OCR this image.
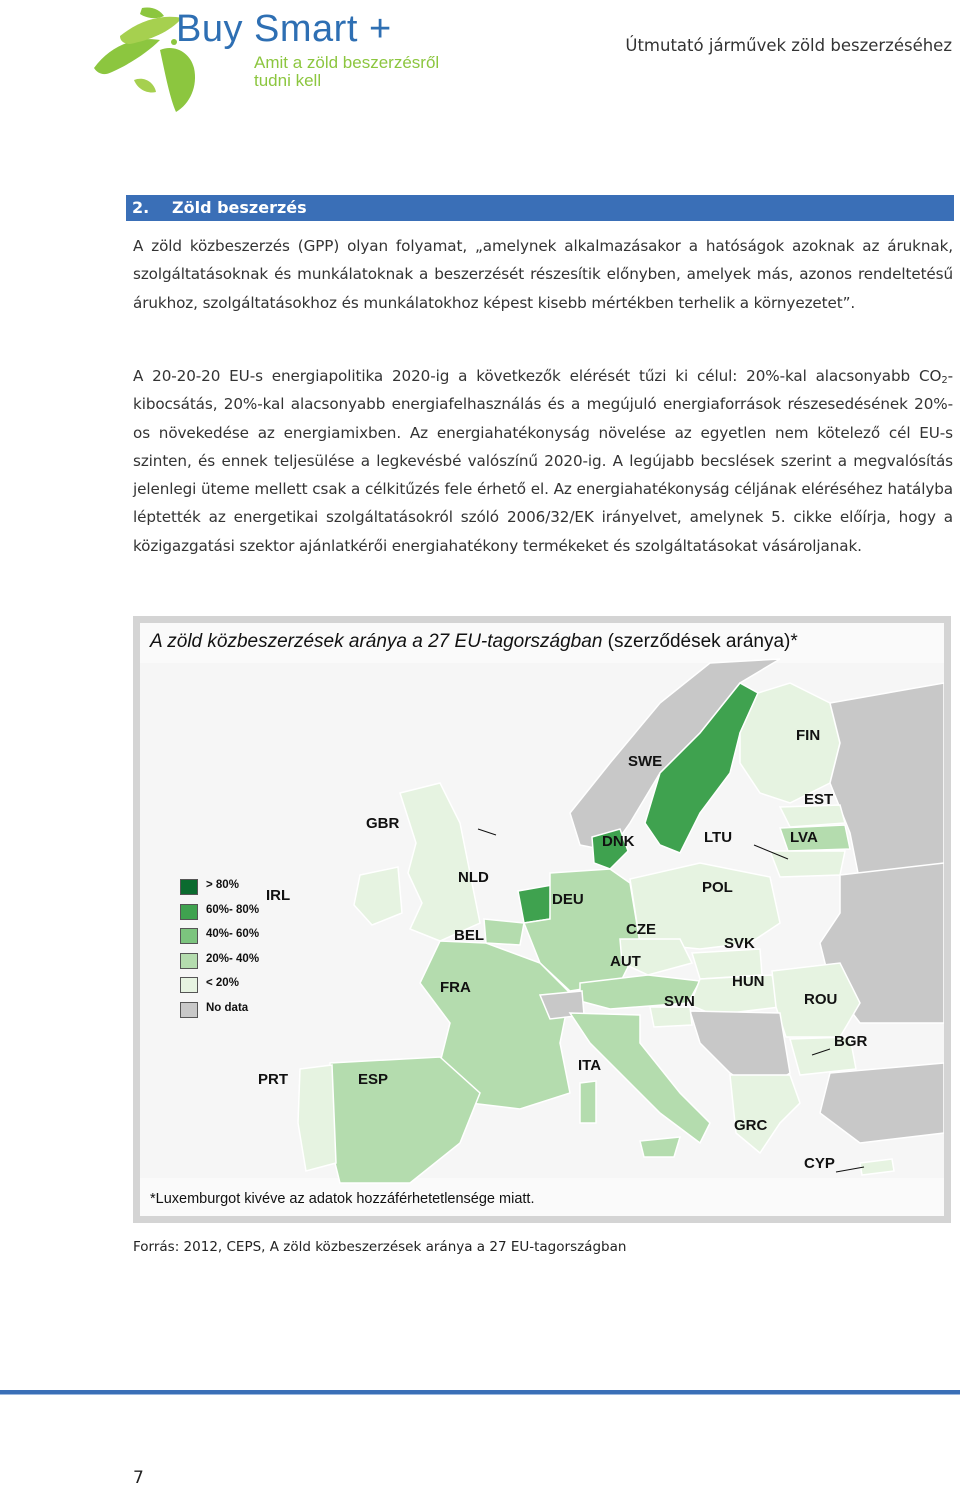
Buy Smart +
Amit a zöld beszerzésről
tudni kell
Útmutató járművek zöld beszerzéséhez
2. Zöld beszerzés

A zöld közbeszerzés (GPP) olyan folyamat, „amelynek alkalmazásakor a hatóságok azoknak az áruknak, szolgáltatásoknak és munkálatoknak a beszerzését részesítik előnyben, amelyek más, azonos rendeltetésű árukhoz, szolgáltatásokhoz és munkálatokhoz képest kisebb mértékben terhelik a környezetet”.

A 20-20-20 EU-s energiapolitika 2020-ig a következők elérését tűzi ki célul: 20%-kal alacsonyabb $CO_2$-kibocsátás, 20%-kal alacsonyabb energiafelhasználás és a megújuló energiaforrások részesedésének 20%-os növekedése az energiamixben. Az energiahatékonyság növelése az egyetlen nem kötelező cél EU-s szinten, és ennek teljesülése a legkevésbé valószínű 2020-ig. A legújabb becslések szerint a megvalósítás jelenlegi üteme mellett csak a célkitűzés fele érhető el. Az energiahatékonyság céljának eléréséhez hatályba léptették az energetikai szolgáltatásokról szóló 2006/32/EK irányelvet, amelynek 5. cikke előírja, hogy a közigazgatási szektor ajánlatkérői energiahatékony termékeket és szolgáltatásokat vásároljanak.

A zöld közbeszerzések aránya a 27 EU-tagországban (szerződések aránya)*
FIN
SWE
EST
GBR
DNK	LTU	LVA
NLD
IRL	DEU
POL
BEL	CZE
SVK
AUT
HUN
FRA
SVN	ROU
BGR
PRT	ESP
ITA
GRC
CYP
> 80%
60%- 80%
40%- 60%
20%- 40%
< 20%
No data
*Luxemburgot kivéve az adatok hozzáférhetetlensége miatt.
Forrás: 2012, CEPS, A zöld közbeszerzések aránya a 27 EU-tagországban
7
